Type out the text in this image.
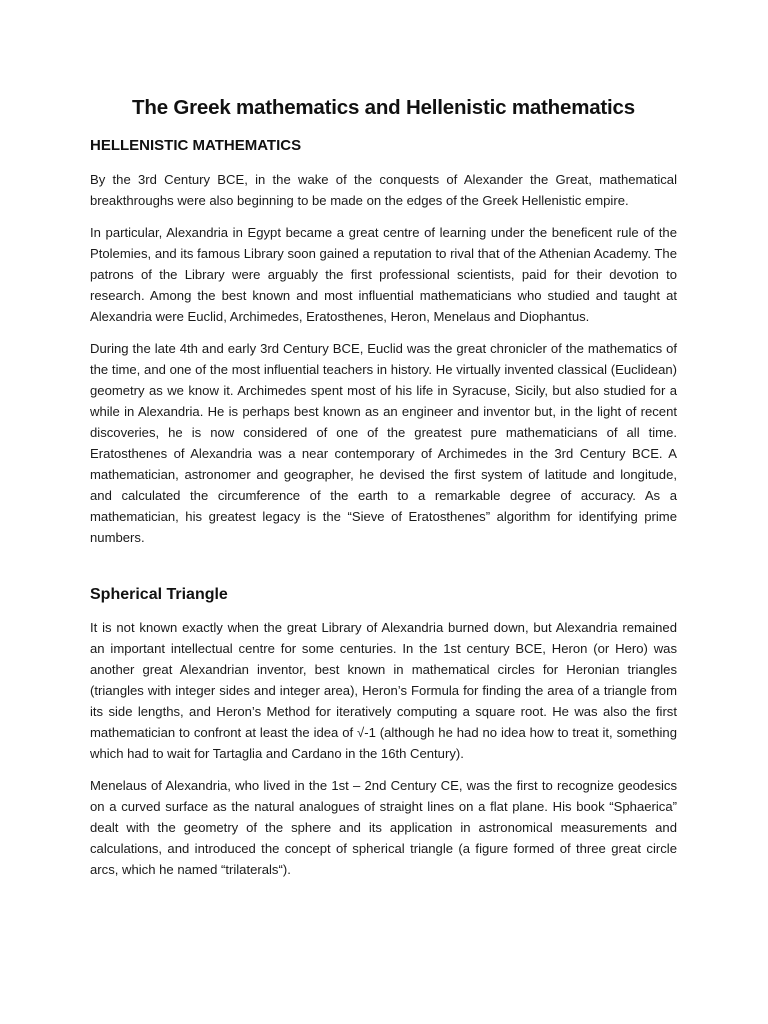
The Greek mathematics and Hellenistic mathematics
HELLENISTIC MATHEMATICS

By the 3rd Century BCE, in the wake of the conquests of Alexander the Great, mathematical breakthroughs were also beginning to be made on the edges of the Greek Hellenistic empire.

In particular, Alexandria in Egypt became a great centre of learning under the beneficent rule of the Ptolemies, and its famous Library soon gained a reputation to rival that of the Athenian Academy. The patrons of the Library were arguably the first professional scientists, paid for their devotion to research. Among the best known and most influential mathematicians who studied and taught at Alexandria were Euclid, Archimedes, Eratosthenes, Heron, Menelaus and Diophantus.

During the late 4th and early 3rd Century BCE, Euclid was the great chronicler of the mathematics of the time, and one of the most influential teachers in history. He virtually invented classical (Euclidean) geometry as we know it. Archimedes spent most of his life in Syracuse, Sicily, but also studied for a while in Alexandria. He is perhaps best known as an engineer and inventor but, in the light of recent discoveries, he is now considered of one of the greatest pure mathematicians of all time. Eratosthenes of Alexandria was a near contemporary of Archimedes in the 3rd Century BCE. A mathematician, astronomer and geographer, he devised the first system of latitude and longitude, and calculated the circumference of the earth to a remarkable degree of accuracy. As a mathematician, his greatest legacy is the “Sieve of Eratosthenes” algorithm for identifying prime numbers.

Spherical Triangle

It is not known exactly when the great Library of Alexandria burned down, but Alexandria remained an important intellectual centre for some centuries. In the 1st century BCE, Heron (or Hero) was another great Alexandrian inventor, best known in mathematical circles for Heronian triangles (triangles with integer sides and integer area), Heron’s Formula for finding the area of a triangle from its side lengths, and Heron’s Method for iteratively computing a square root. He was also the first mathematician to confront at least the idea of √-1 (although he had no idea how to treat it, something which had to wait for Tartaglia and Cardano in the 16th Century).

Menelaus of Alexandria, who lived in the 1st – 2nd Century CE, was the first to recognize geodesics on a curved surface as the natural analogues of straight lines on a flat plane. His book “Sphaerica” dealt with the geometry of the sphere and its application in astronomical measurements and calculations, and introduced the concept of spherical triangle (a figure formed of three great circle arcs, which he named “trilaterals“).
